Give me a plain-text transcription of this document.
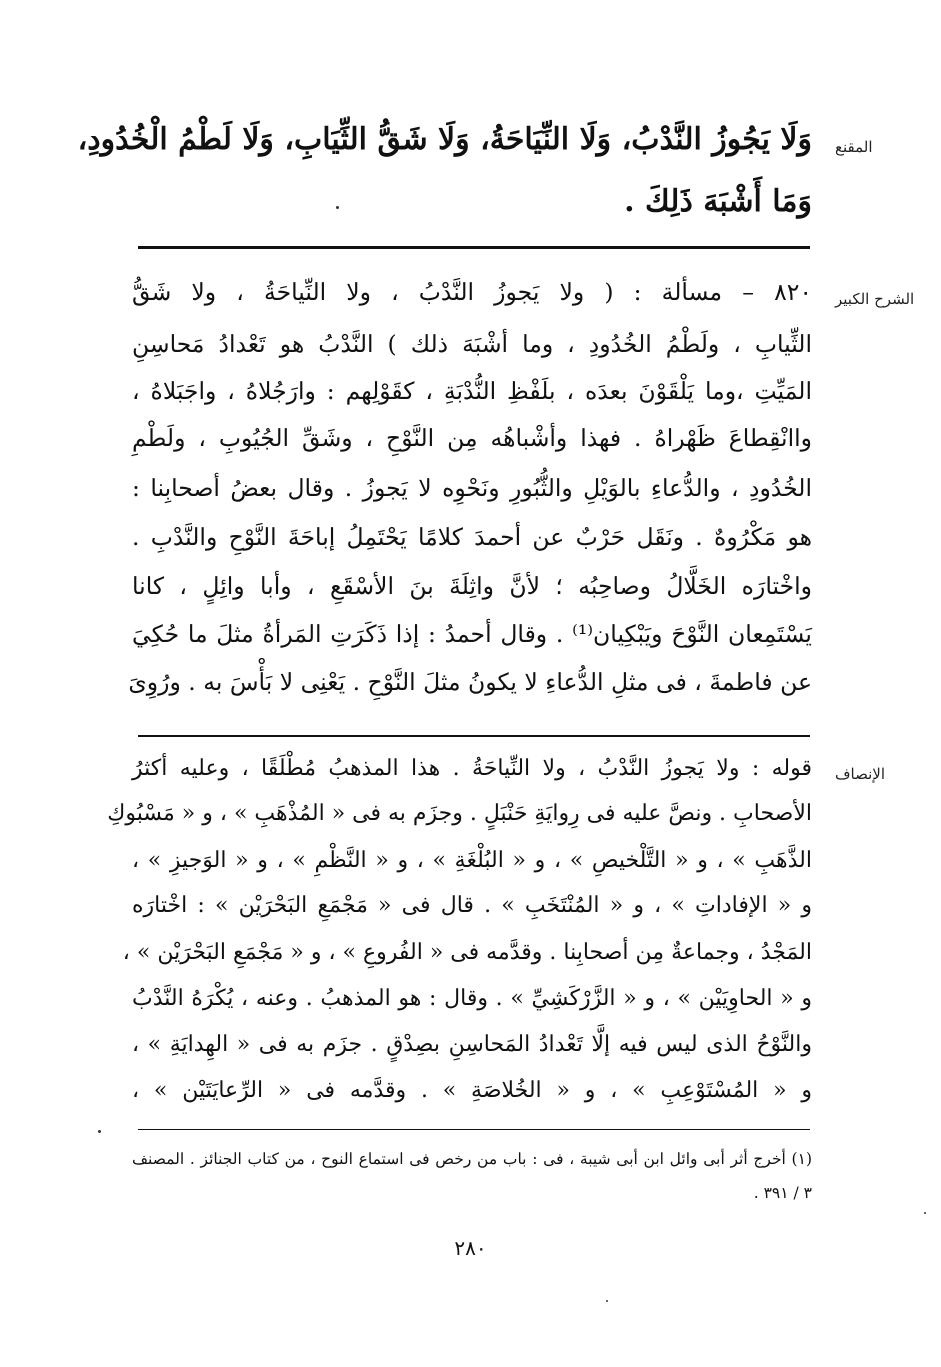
المقنع
وَلَا يَجُوزُ النَّدْبُ، وَلَا النِّيَاحَةُ، وَلَا شَقُّ الثِّيَابِ، وَلَا لَطْمُ الْخُدُودِ،
وَمَا أَشْبَهَ ذَلِكَ .
الشرح الكبير
٨٢٠ – مسألة : ( ولا يَجوزُ النَّدْبُ ، ولا النِّياحَةُ ، ولا شَقُّ
الثِّيابِ ، ولَطْمُ الخُدُودِ ، وما أشْبَهَ ذلك ) النَّدْبُ هو تَعْدادُ مَحاسِنِ
المَيِّتِ ،وما يَلْقَوْنَ بعدَه ، بلَفْظِ النُّدْبَةِ ، كقَوْلِهم : وارَجُلاهُ ، واجَبَلاهُ ،
واانْقِطاعَ ظَهْراهُ . فهذا وأشْباهُه مِن النَّوْحِ ، وشَقِّ الجُيُوبِ ، ولَطْمِ
الخُدُودِ ، والدُّعاءِ بالوَيْلِ والثُّبُورِ ونَحْوِه لا يَجوزُ . وقال بعضُ أصحابِنا :
هو مَكْرُوهٌ . ونَقَل حَرْبٌ عن أحمدَ كلامًا يَحْتَمِلُ إباحَةَ النَّوْحِ والنَّدْبِ .
واخْتارَه الخَلَّالُ وصاحِبُه ؛ لأنَّ واثِلَةَ بنَ الأسْقَعِ ، وأبا وائِلٍ ، كانا
يَسْتَمِعان النَّوْحَ ويَبْكِيان⁽¹⁾ . وقال أحمدُ : إذا ذَكَرَتِ المَرأةُ مثلَ ما حُكِيَ
عن فاطمةَ ، فى مثلِ الدُّعاءِ لا يكونُ مثلَ النَّوْحِ . يَعْنِى لا بَأْسَ به . ورُوِىَ
الإنصاف
قوله : ولا يَجوزُ النَّدْبُ ، ولا النِّياحَةُ . هذا المذهبُ مُطْلَقًا ، وعليه أكثرُ
الأصحابِ . ونصَّ عليه فى رِوايَةِ حَنْبَلٍ . وجزَم به فى « المُذْهَبِ » ، و « مَسْبُوكِ
الذَّهَبِ » ، و « التَّلْخيصِ » ، و « البُلْغَةِ » ، و « النَّظْمِ » ، و « الوَجيزِ » ،
و « الإفاداتِ » ، و « المُنْتَخَبِ » . قال فى « مَجْمَعِ البَحْرَيْن » : اخْتارَه
المَجْدُ ، وجماعةٌ مِن أصحابِنا . وقدَّمه فى « الفُروعِ » ، و « مَجْمَعِ البَحْرَيْن » ،
و « الحاوِيَيْن » ، و « الزَّرْكَشِيِّ » . وقال : هو المذهبُ . وعنه ، يُكْرَهُ النَّدْبُ
والنَّوْحُ الذى ليس فيه إلَّا تَعْدادُ المَحاسِنِ بصِدْقٍ . جزَم به فى « الهِدايَةِ » ،
و « المُسْتَوْعِبِ » ، و « الخُلاصَةِ » . وقدَّمه فى « الرِّعايَتَيْن » ،
(١) أخرج أثر أبى وائل ابن أبى شيبة ، فى : باب من رخص فى استماع النوح ، من كتاب الجنائز . المصنف
٣ / ٣٩١ .
٢٨٠
